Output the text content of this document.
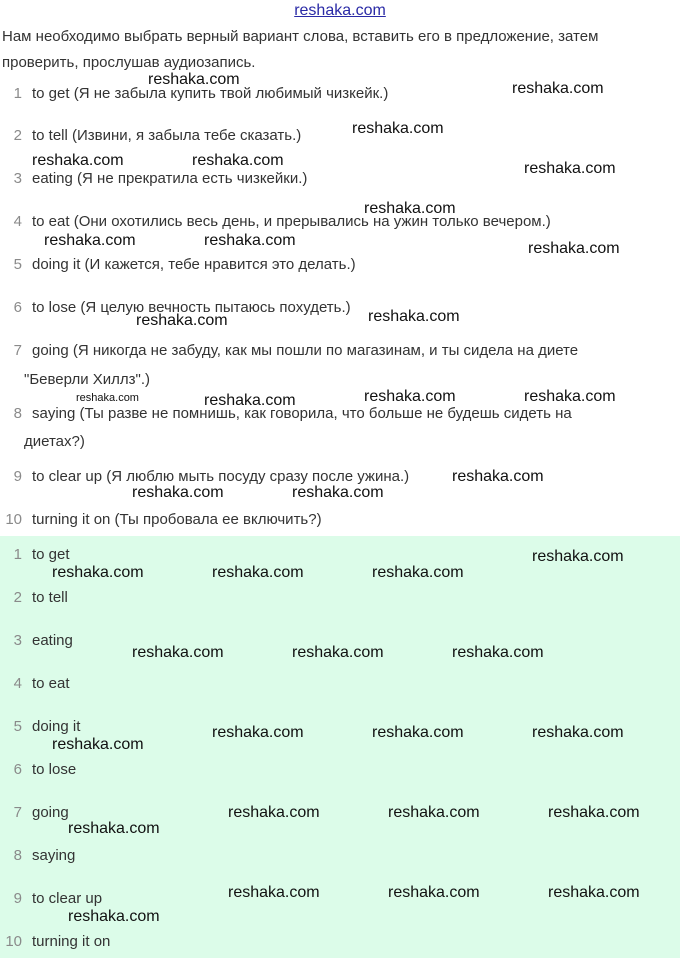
reshaka.com
Нам необходимо выбрать верный вариант слова, вставить его в предложение, затем проверить, прослушав аудиозапись.
1 to get (Я не забыла купить твой любимый чизкейк.)
2 to tell (Извини, я забыла тебе сказать.)
3 eating (Я не прекратила есть чизкейки.)
4 to eat (Они охотились весь день, и прерывались на ужин только вечером.)
5 doing it (И кажется, тебе нравится это делать.)
6 to lose (Я целую вечность пытаюсь похудеть.)
7 going (Я никогда не забуду, как мы пошли по магазинам, и ты сидела на диете
"Беверли Хиллз".)
8 saying (Ты разве не помнишь, как говорила, что больше не будешь сидеть на
диетах?)
9 to clear up (Я люблю мыть посуду сразу после ужина.)
10 turning it on (Ты пробовала ее включить?)
1 to get
2 to tell
3 eating
4 to eat
5 doing it
6 to lose
7 going
8 saying
9 to clear up
10 turning it on
reshaka.com
reshaka.com
reshaka.com
reshaka.com	reshaka.com	reshaka.com
reshaka.com
reshaka.com	reshaka.com	reshaka.com
reshaka.com
reshaka.com
reshaka.com	reshaka.com	reshaka.com	reshaka.com
reshaka.com
reshaka.com	reshaka.com
reshaka.com
reshaka.com	reshaka.com	reshaka.com
reshaka.com	reshaka.com	reshaka.com
reshaka.com	reshaka.com	reshaka.com
reshaka.com
reshaka.com	reshaka.com	reshaka.com
reshaka.com
reshaka.com	reshaka.com	reshaka.com
reshaka.com
